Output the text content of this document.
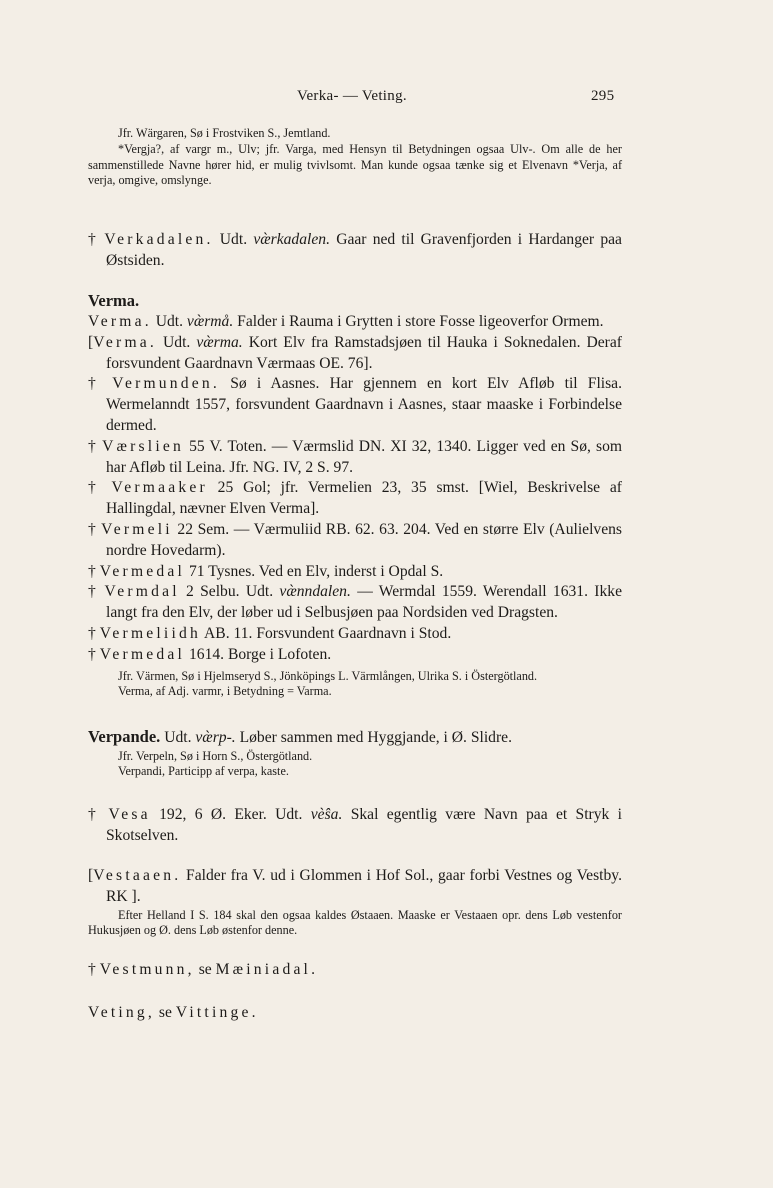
Verka- — Veting.	295

Jfr. Wärgaren, Sø i Frostviken S., Jemtland.

*Vergja?, af vargr m., Ulv; jfr. Varga, med Hensyn til Betydningen ogsaa Ulv-. Om alle de her sammenstillede Navne hører hid, er mulig tvivlsomt. Man kunde ogsaa tænke sig et Elvenavn *Verja, af verja, omgive, omslynge.

† Verkadalen. Udt. væ̀rkadalen. Gaar ned til Gravenfjorden i Hardanger paa Østsiden.

Verma.

Verma. Udt. væ̀rmå. Falder i Rauma i Grytten i store Fosse ligeoverfor Ormem.

[Verma. Udt. væ̀rma. Kort Elv fra Ramstadsjøen til Hauka i Soknedalen. Deraf forsvundent Gaardnavn Værmaas OE. 76].

† Vermunden. Sø i Aasnes. Har gjennem en kort Elv Afløb til Flisa. Wermelanndt 1557, forsvundent Gaardnavn i Aasnes, staar maaske i Forbindelse dermed.

† Værslien 55 V. Toten. — Værmslid DN. XI 32, 1340. Ligger ved en Sø, som har Afløb til Leina. Jfr. NG. IV, 2 S. 97.

† Vermaaker 25 Gol; jfr. Vermelien 23, 35 smst. [Wiel, Beskrivelse af Hallingdal, nævner Elven Verma].

† Vermeli 22 Sem. — Værmuliid RB. 62. 63. 204. Ved en større Elv (Aulielvens nordre Hovedarm).

† Vermedal 71 Tysnes. Ved en Elv, inderst i Opdal S.

† Vermdal 2 Selbu. Udt. væ̀nndalen. — Wermdal 1559. Werendall 1631. Ikke langt fra den Elv, der løber ud i Selbusjøen paa Nordsiden ved Dragsten.

† Vermeliidh AB. 11. Forsvundent Gaardnavn i Stod.

† Vermedal 1614. Borge i Lofoten.

Jfr. Värmen, Sø i Hjelmseryd S., Jönköpings L. Värmlången, Ulrika S. i Östergötland.

Verma, af Adj. varmr, i Betydning = Varma.

Verpande. Udt. væ̀rp-. Løber sammen med Hyggjande, i Ø. Slidre.

Jfr. Verpeln, Sø i Horn S., Östergötland.

Verpandi, Participp af verpa, kaste.

† Vesa 192, 6 Ø. Eker. Udt. vè̂sa. Skal egentlig være Navn paa et Stryk i Skotselven.

[Vestaaen. Falder fra V. ud i Glommen i Hof Sol., gaar forbi Vestnes og Vestby. RK ].

Efter Helland I S. 184 skal den ogsaa kaldes Østaaen. Maaske er Vestaaen opr. dens Løb vestenfor Hukusjøen og Ø. dens Løb østenfor denne.

† Vestmunn, se Mæiniadal.

Veting, se Vittinge.
